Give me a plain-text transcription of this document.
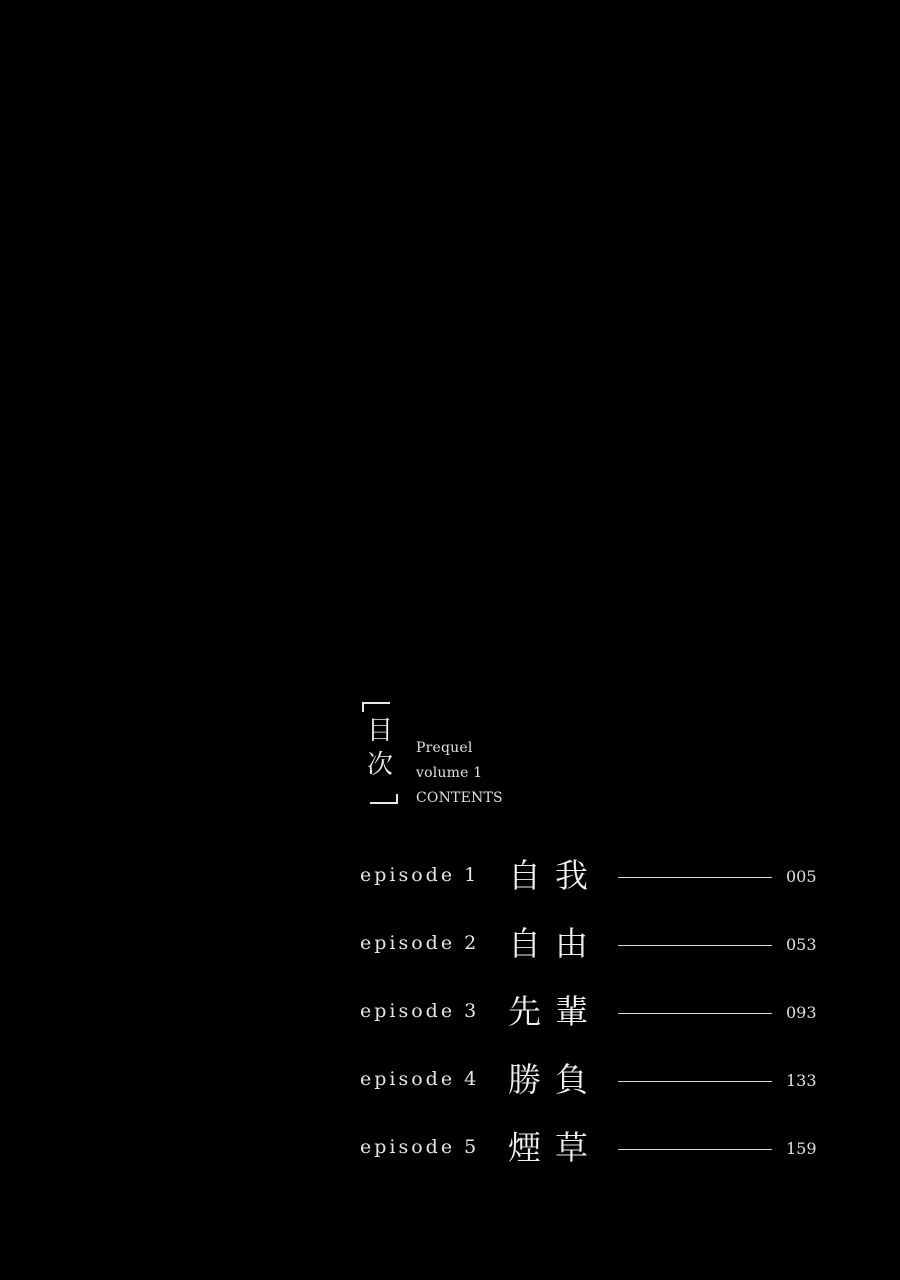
目
次
Prequel
volume 1
CONTENTS
episode 1 自我	005
episode 2 自由	053
episode 3 先輩	093
episode 4 勝負	133
episode 5 煙草	159
